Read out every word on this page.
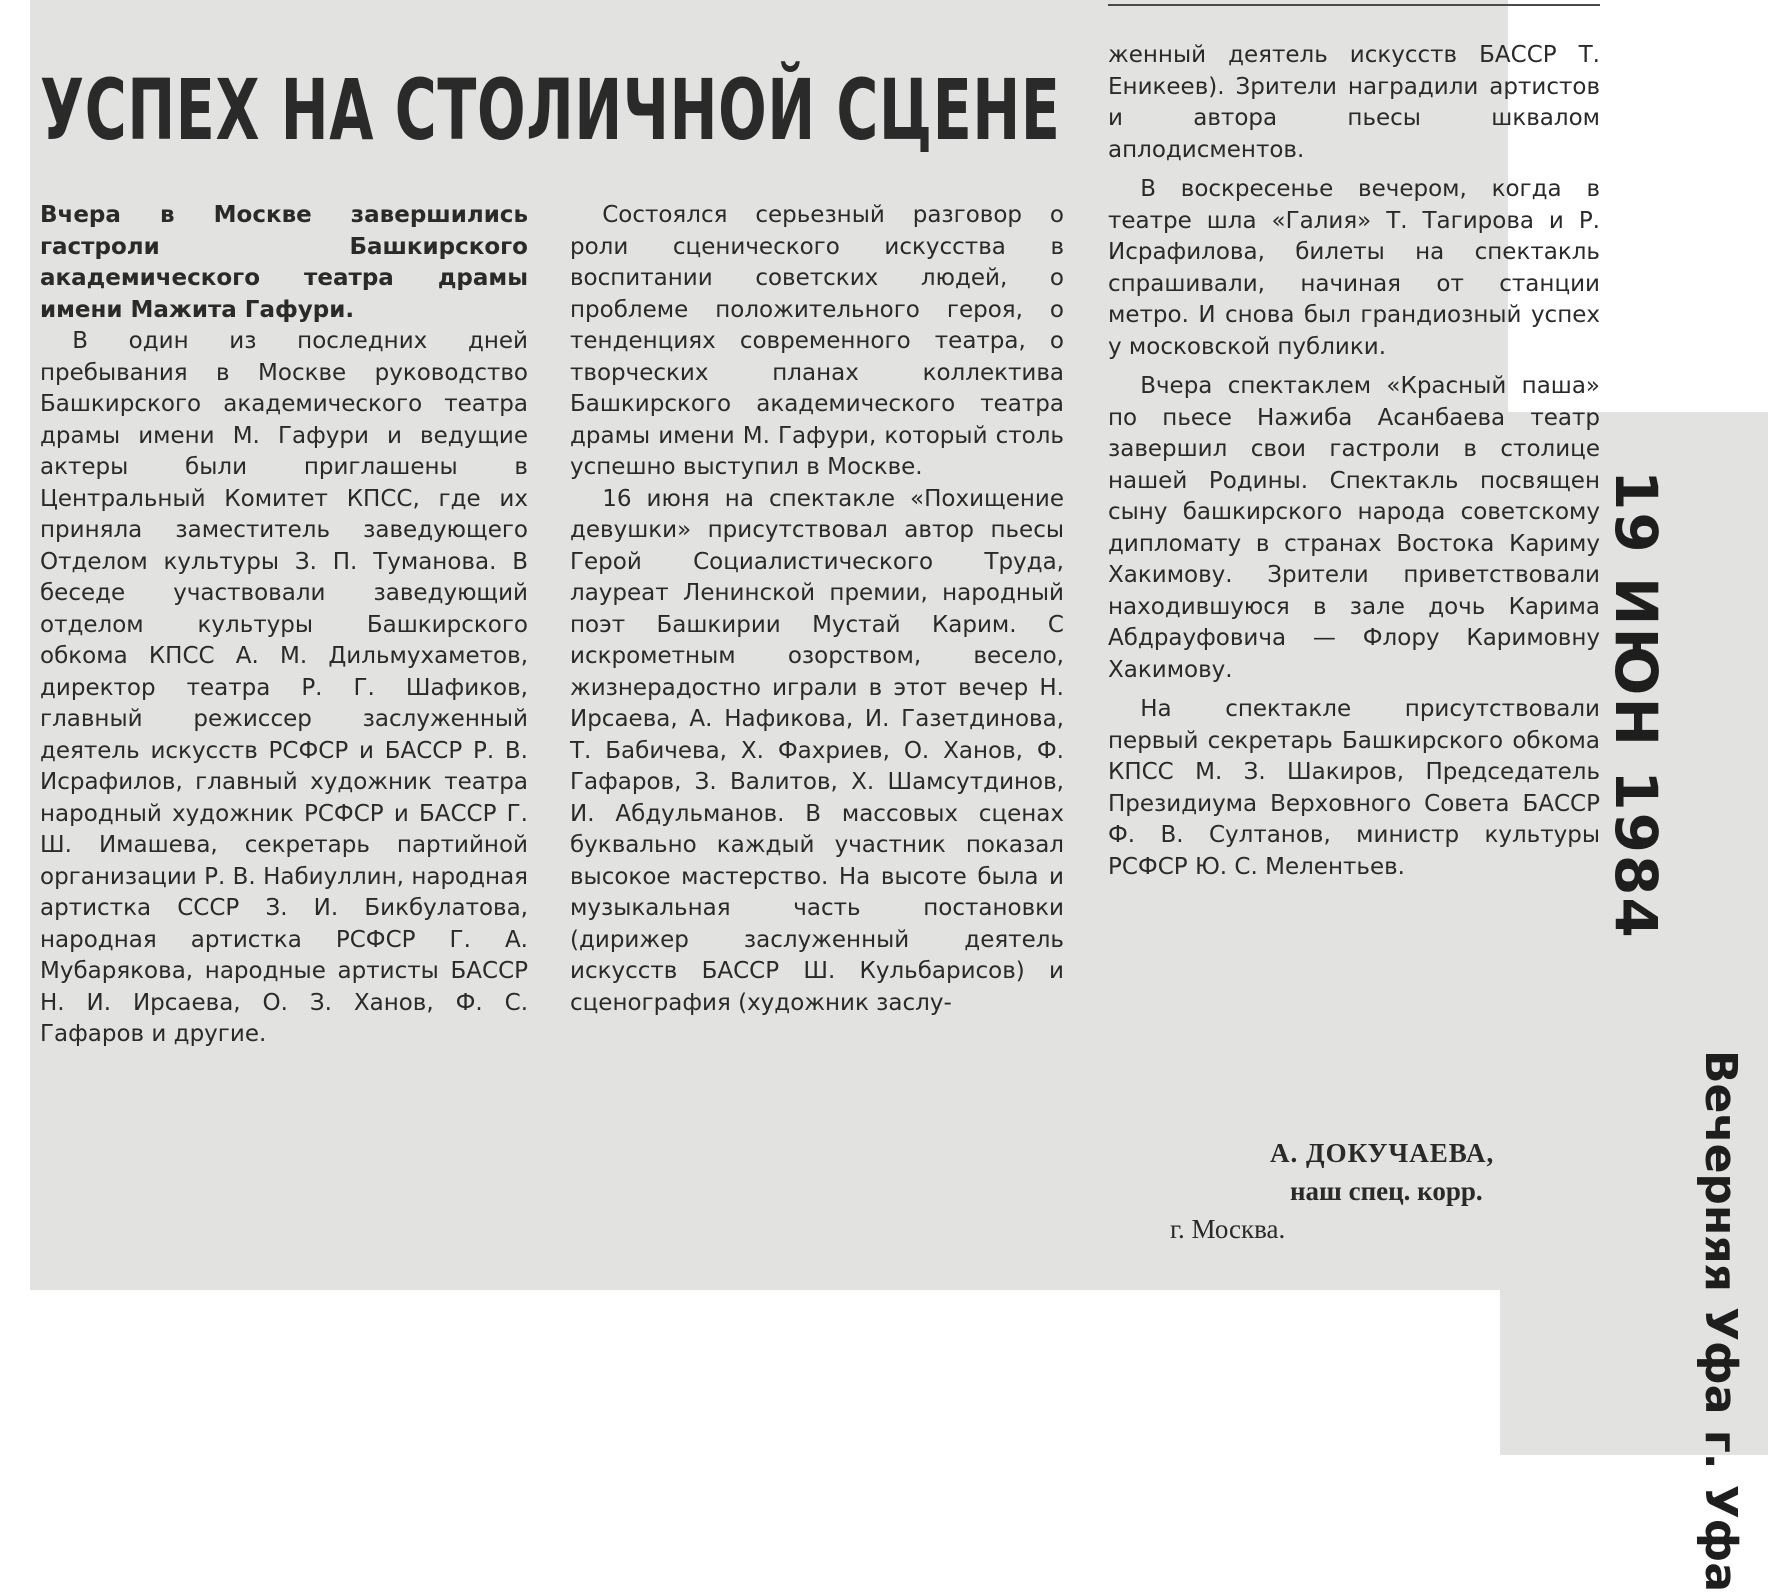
УСПЕХ НА СТОЛИЧНОЙ СЦЕНЕ

Вчера в Москве завершились гастроли Башкирского академического театра драмы имени Мажита Гафури.

В один из последних дней пребывания в Москве руководство Башкирского академического театра драмы имени М. Гафури и ведущие актеры были приглашены в Центральный Комитет КПСС, где их приняла заместитель заведующего Отделом культуры З. П. Туманова. В беседе участвовали заведующий отделом культуры Башкирского обкома КПСС А. М. Дильмухаметов, директор театра Р. Г. Шафиков, главный режиссер заслуженный деятель искусств РСФСР и БАССР Р. В. Исрафилов, главный художник театра народный художник РСФСР и БАССР Г. Ш. Имашева, секретарь партийной организации Р. В. Набиуллин, народная артистка СССР З. И. Бикбулатова, народная артистка РСФСР Г. А. Мубарякова, народные артисты БАССР Н. И. Ирсаева, О. З. Ханов, Ф. С. Гафаров и другие.

Состоялся серьезный разговор о роли сценического искусства в воспитании советских людей, о проблеме положительного героя, о тенденциях современного театра, о творческих планах коллектива Башкирского академического театра драмы имени М. Гафури, который столь успешно выступил в Москве.

16 июня на спектакле «Похищение девушки» присутствовал автор пьесы Герой Социалистического Труда, лауреат Ленинской премии, народный поэт Башкирии Мустай Карим. С искрометным озорством, весело, жизнерадостно играли в этот вечер Н. Ирсаева, А. Нафикова, И. Газетдинова, Т. Бабичева, Х. Фахриев, О. Ханов, Ф. Гафаров, З. Валитов, Х. Шамсутдинов, И. Абдульманов. В массовых сценах буквально каждый участник показал высокое мастерство. На высоте была и музыкальная часть постановки (дирижер заслуженный деятель искусств БАССР Ш. Кульбарисов) и сценография (художник заслу-

женный деятель искусств БАССР Т. Еникеев). Зрители наградили артистов и автора пьесы шквалом аплодисментов.

В воскресенье вечером, когда в театре шла «Галия» Т. Тагирова и Р. Исрафилова, билеты на спектакль спрашивали, начиная от станции метро. И снова был грандиозный успех у московской публики.

Вчера спектаклем «Красный паша» по пьесе Нажиба Асанбаева театр завершил свои гастроли в столице нашей Родины. Спектакль посвящен сыну башкирского народа советскому дипломату в странах Востока Кариму Хакимову. Зрители приветствовали находившуюся в зале дочь Карима Абдрауфовича — Флору Каримовну Хакимову.

На спектакле присутствовали первый секретарь Башкирского обкома КПСС М. З. Шакиров, Председатель Президиума Верховного Совета БАССР Ф. В. Султанов, министр культуры РСФСР Ю. С. Мелентьев.

А. ДОКУЧАЕВА,
наш спец. корр.
г. Москва.
19 ИЮН 1984
Вечерняя Уфа г. Уфа
